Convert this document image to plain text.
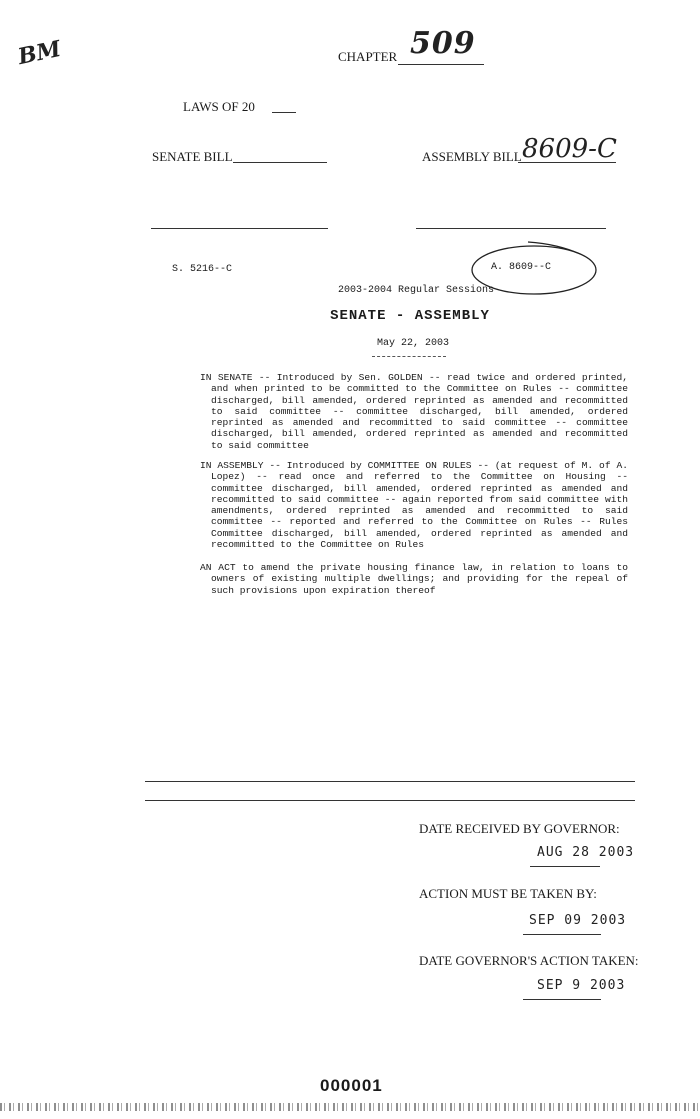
BM	CHAPTER 509
LAWS OF 20
SENATE BILL	ASSEMBLY BILL 8609-C
S. 5216--C	A. 8609--C
2003-2004 Regular Sessions
SENATE - ASSEMBLY
May 22, 2003

IN SENATE -- Introduced by Sen. GOLDEN -- read twice and ordered printed, and when printed to be committed to the Committee on Rules -- committee discharged, bill amended, ordered reprinted as amended and recommitted to said committee -- committee discharged, bill amended, ordered reprinted as amended and recommitted to said committee -- committee discharged, bill amended, ordered reprinted as amended and recommitted to said committee

IN ASSEMBLY -- Introduced by COMMITTEE ON RULES -- (at request of M. of A. Lopez) -- read once and referred to the Committee on Housing -- committee discharged, bill amended, ordered reprinted as amended and recommitted to said committee -- again reported from said committee with amendments, ordered reprinted as amended and recommitted to said committee -- reported and referred to the Committee on Rules -- Rules Committee discharged, bill amended, ordered reprinted as amended and recommitted to the Committee on Rules

AN ACT to amend the private housing finance law, in relation to loans to owners of existing multiple dwellings; and providing for the repeal of such provisions upon expiration thereof

DATE RECEIVED BY GOVERNOR:
AUG 28 2003
ACTION MUST BE TAKEN BY:
SEP 09 2003
DATE GOVERNOR'S ACTION TAKEN:
SEP 9 2003
000001
